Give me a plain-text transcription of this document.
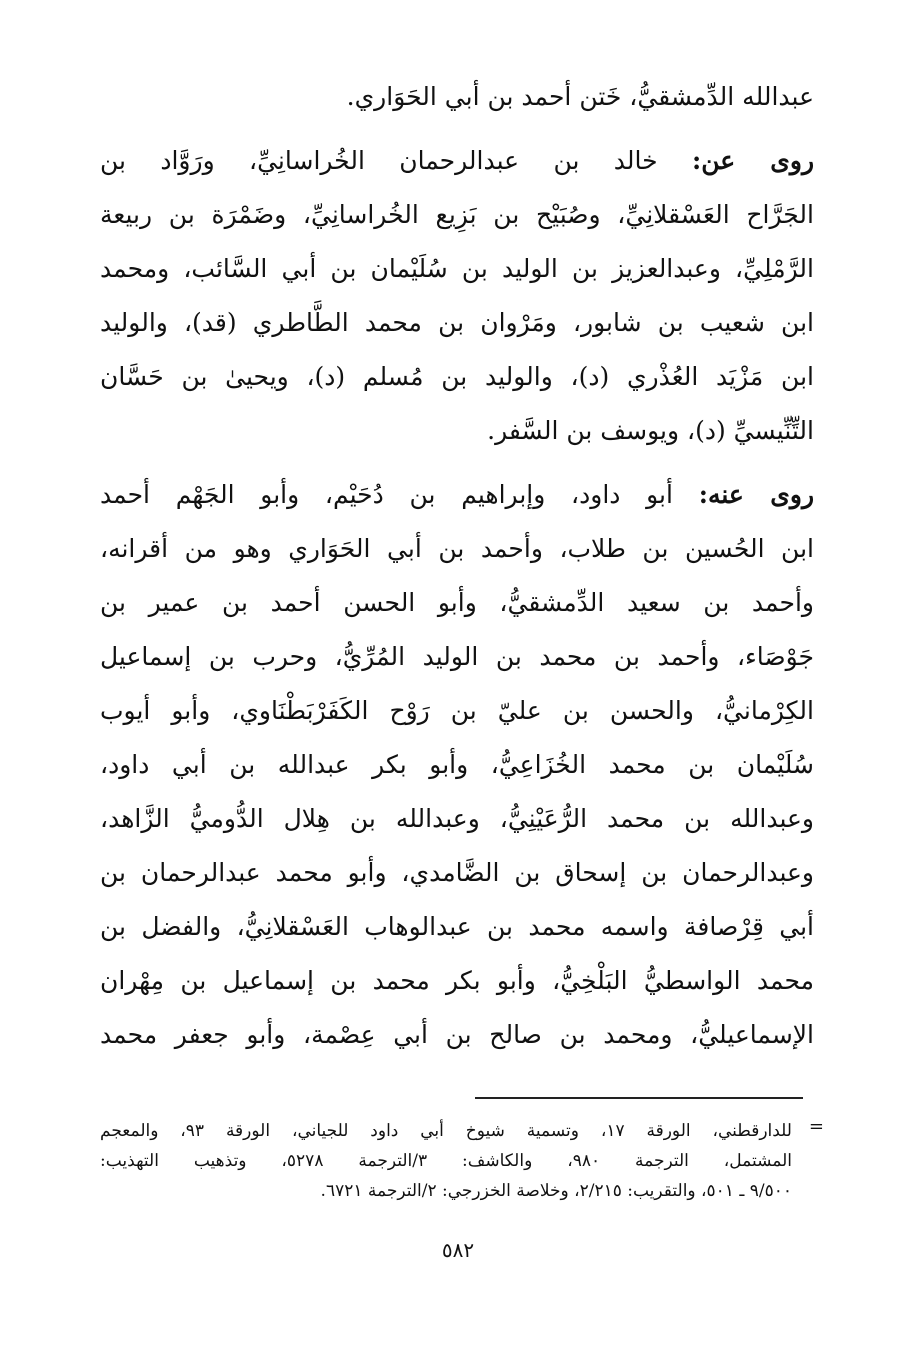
عبدالله الدِّمشقيُّ، خَتن أحمد بن أبي الحَوَاري.
روى عن: خالد بن عبدالرحمان الخُراسانِيِّ، ورَوَّاد بن
الجَرَّاح العَسْقلانِيِّ، وصُبَيْح بن بَزِيع الخُراسانِيِّ، وضَمْرَة بن ربيعة
الرَّمْلِيِّ، وعبدالعزيز بن الوليد بن سُلَيْمان بن أبي السَّائب، ومحمد
ابن شعيب بن شابور، ومَرْوان بن محمد الطَّاطري (قد)، والوليد
ابن مَزْيَد العُذْري (د)، والوليد بن مُسلم (د)، ويحيىٰ بن حَسَّان
التِّنِّيسيِّ (د)، ويوسف بن السَّفر.
روى عنه: أبو داود، وإبراهيم بن دُحَيْم، وأبو الجَهْم أحمد
ابن الحُسين بن طلاب، وأحمد بن أبي الحَوَاري وهو من أقرانه،
وأحمد بن سعيد الدِّمشقيُّ، وأبو الحسن أحمد بن عمير بن
جَوْصَاء، وأحمد بن محمد بن الوليد المُرِّيُّ، وحرب بن إسماعيل
الكِرْمانيُّ، والحسن بن عليّ بن رَوْح الكَفَرْبَطْنَاوي، وأبو أيوب
سُلَيْمان بن محمد الخُزَاعِيُّ، وأبو بكر عبدالله بن أبي داود،
وعبدالله بن محمد الرُّعَيْنِيُّ، وعبدالله بن هِلال الدُّوميُّ الزَّاهد،
وعبدالرحمان بن إسحاق بن الضَّامدي، وأبو محمد عبدالرحمان بن
أبي قِرْصافة واسمه محمد بن عبدالوهاب العَسْقلانِيُّ، والفضل بن
محمد الواسطيُّ البَلْخِيُّ، وأبو بكر محمد بن إسماعيل بن مِهْران
الإسماعيليُّ، ومحمد بن صالح بن أبي عِصْمة، وأبو جعفر محمد
=
للدارقطني، الورقة ١٧، وتسمية شيوخ أبي داود للجياني، الورقة ٩٣، والمعجم
المشتمل، الترجمة ٩٨٠، والكاشف: ٣/الترجمة ٥٢٧٨، وتذهيب التهذيب:
٩/٥٠٠ ـ ٥٠١، والتقريب: ٢/٢١٥، وخلاصة الخزرجي: ٢/الترجمة ٦٧٢١.
٥٨٢
